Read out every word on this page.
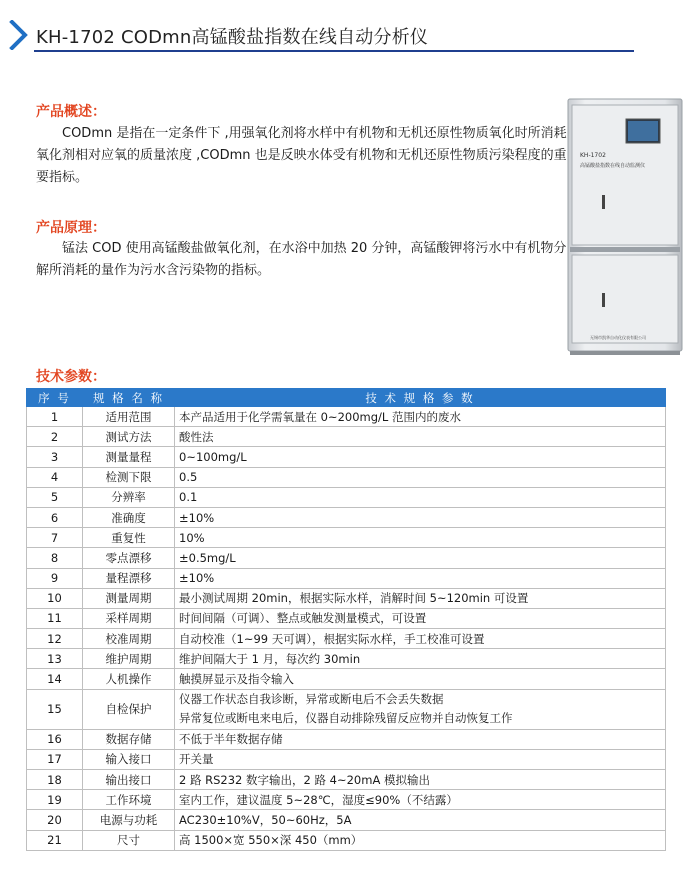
KH-1702 CODmn高锰酸盐指数在线自动分析仪
产品概述：
CODmn 是指在一定条件下 ,用强氧化剂将水样中有机物和无机还原性物质氧化时所消耗氧化剂相对应氧的质量浓度 ,CODmn 也是反映水体受有机物和无机还原性物质污染程度的重要指标。
产品原理：
锰法 COD 使用高锰酸盐做氧化剂，在水浴中加热 20 分钟，高锰酸钾将污水中有机物分解所消耗的量作为污水含污染物的指标。
KH-1702
高锰酸盐指数在线自动监测仪
无锡市凯华自动化仪表有限公司
技术参数：
序 号	规 格 名 称	技 术 规 格 参 数
1	适用范围	本产品适用于化学需氧量在 0~200mg/L 范围内的废水
2	测试方法	酸性法
3	测量量程	0~100mg/L
4	检测下限	0.5
5	分辨率	0.1
6	准确度	±10%
7	重复性	10%
8	零点漂移	±0.5mg/L
9	量程漂移	±10%
10	测量周期	最小测试周期 20min，根据实际水样，消解时间 5~120min 可设置
11	采样周期	时间间隔（可调）、整点或触发测量模式，可设置
12	校准周期	自动校准（1~99 天可调），根据实际水样，手工校准可设置
13	维护周期	维护间隔大于 1 月，每次约 30min
14	人机操作	触摸屏显示及指令输入
15	自检保护	仪器工作状态自我诊断，异常或断电后不会丢失数据
异常复位或断电来电后，仪器自动排除残留反应物并自动恢复工作

16	数据存储	不低于半年数据存储
17	输入接口	开关量
18	输出接口	2 路 RS232 数字输出，2 路 4~20mA 模拟输出
19	工作环境	室内工作，建议温度 5~28℃，湿度≤90%（不结露）
20	电源与功耗	AC230±10%V，50~60Hz，5A
21	尺寸	高 1500×宽 550×深 450（mm）
